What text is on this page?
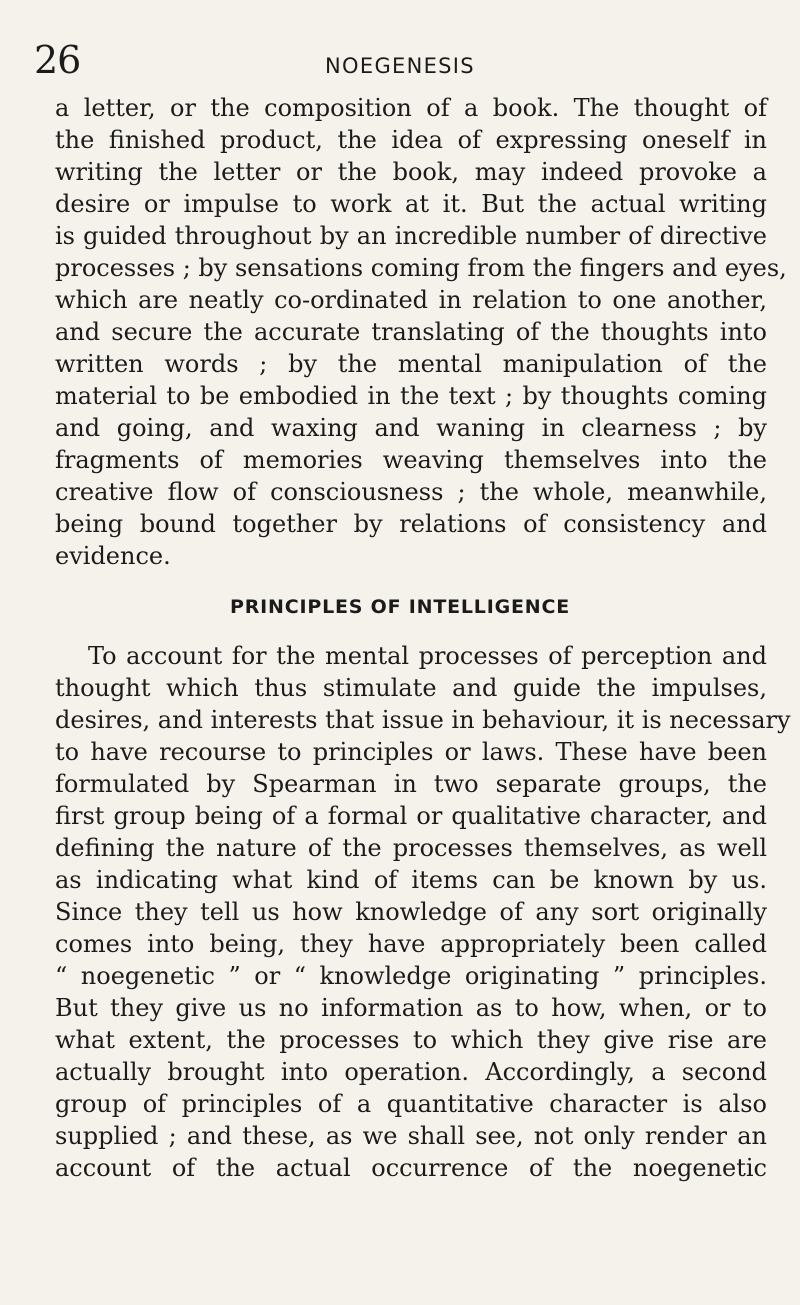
26	NOEGENESIS
a letter, or the composition of a book. The thought of
the finished product, the idea of expressing oneself in
writing the letter or the book, may indeed provoke a
desire or impulse to work at it. But the actual writing
is guided throughout by an incredible number of directive
processes ; by sensations coming from the fingers and eyes,
which are neatly co-ordinated in relation to one another,
and secure the accurate translating of the thoughts into
written words ; by the mental manipulation of the
material to be embodied in the text ; by thoughts coming
and going, and waxing and waning in clearness ; by
fragments of memories weaving themselves into the
creative flow of consciousness ; the whole, meanwhile,
being bound together by relations of consistency and
evidence.
PRINCIPLES OF INTELLIGENCE
To account for the mental processes of perception and
thought which thus stimulate and guide the impulses,
desires, and interests that issue in behaviour, it is necessary
to have recourse to principles or laws. These have been
formulated by Spearman in two separate groups, the
first group being of a formal or qualitative character, and
defining the nature of the processes themselves, as well
as indicating what kind of items can be known by us.
Since they tell us how knowledge of any sort originally
comes into being, they have appropriately been called
“ noegenetic ” or “ knowledge originating ” principles.
But they give us no information as to how, when, or to
what extent, the processes to which they give rise are
actually brought into operation. Accordingly, a second
group of principles of a quantitative character is also
supplied ; and these, as we shall see, not only render an
account of the actual occurrence of the noegenetic
